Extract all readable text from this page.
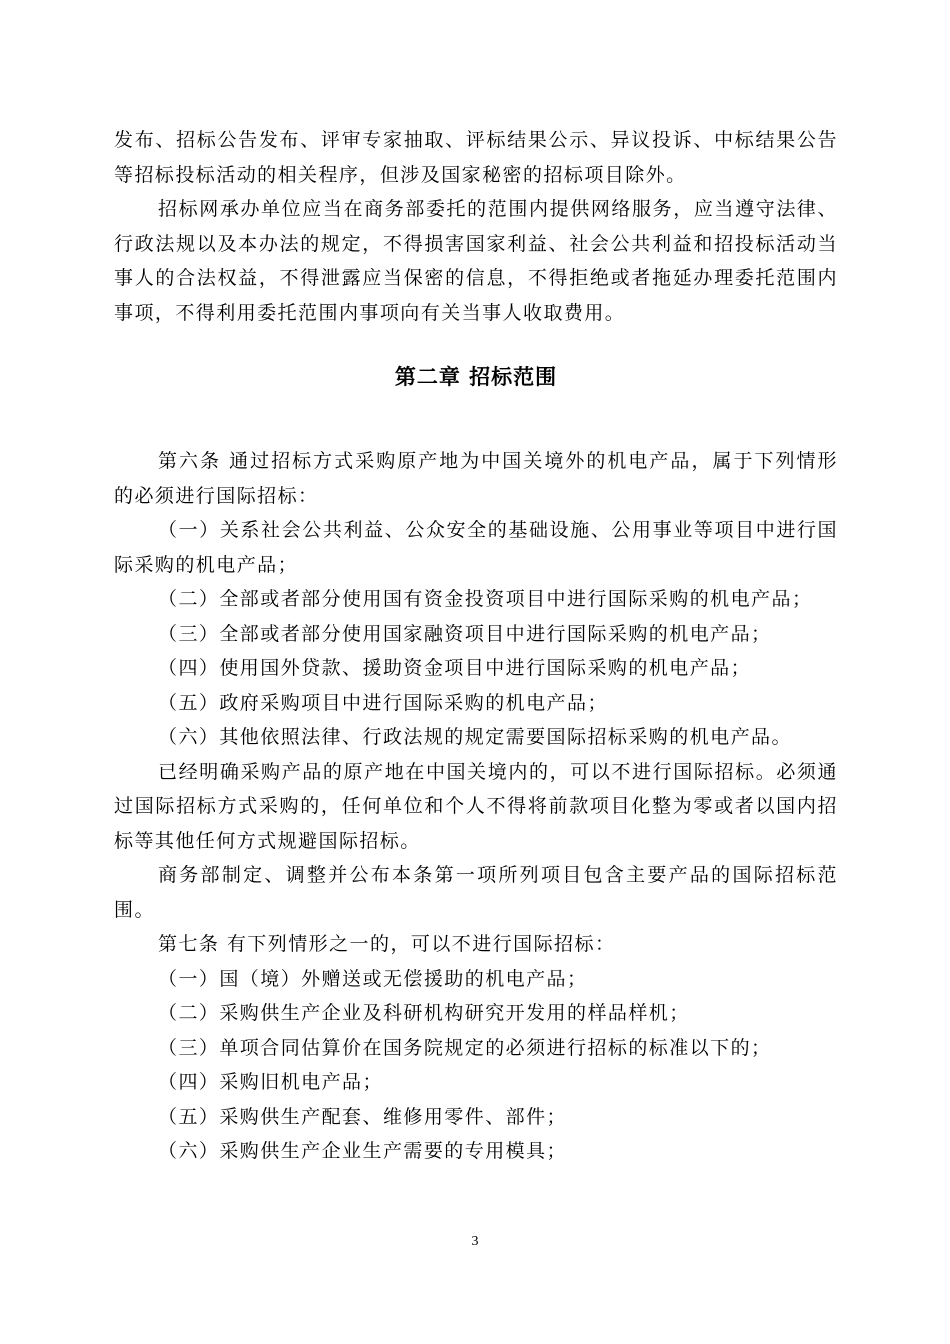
发布、招标公告发布、评审专家抽取、评标结果公示、异议投诉、中标结果公告等招标投标活动的相关程序，但涉及国家秘密的招标项目除外。

招标网承办单位应当在商务部委托的范围内提供网络服务，应当遵守法律、行政法规以及本办法的规定，不得损害国家利益、社会公共利益和招投标活动当事人的合法权益，不得泄露应当保密的信息，不得拒绝或者拖延办理委托范围内事项，不得利用委托范围内事项向有关当事人收取费用。

第二章 招标范围

第六条 通过招标方式采购原产地为中国关境外的机电产品，属于下列情形的必须进行国际招标：

（一）关系社会公共利益、公众安全的基础设施、公用事业等项目中进行国际采购的机电产品；

（二）全部或者部分使用国有资金投资项目中进行国际采购的机电产品；

（三）全部或者部分使用国家融资项目中进行国际采购的机电产品；

（四）使用国外贷款、援助资金项目中进行国际采购的机电产品；

（五）政府采购项目中进行国际采购的机电产品；

（六）其他依照法律、行政法规的规定需要国际招标采购的机电产品。

已经明确采购产品的原产地在中国关境内的，可以不进行国际招标。必须通过国际招标方式采购的，任何单位和个人不得将前款项目化整为零或者以国内招标等其他任何方式规避国际招标。

商务部制定、调整并公布本条第一项所列项目包含主要产品的国际招标范围。

第七条 有下列情形之一的，可以不进行国际招标：

（一）国（境）外赠送或无偿援助的机电产品；

（二）采购供生产企业及科研机构研究开发用的样品样机；

（三）单项合同估算价在国务院规定的必须进行招标的标准以下的；

（四）采购旧机电产品；

（五）采购供生产配套、维修用零件、部件；

（六）采购供生产企业生产需要的专用模具；

3
